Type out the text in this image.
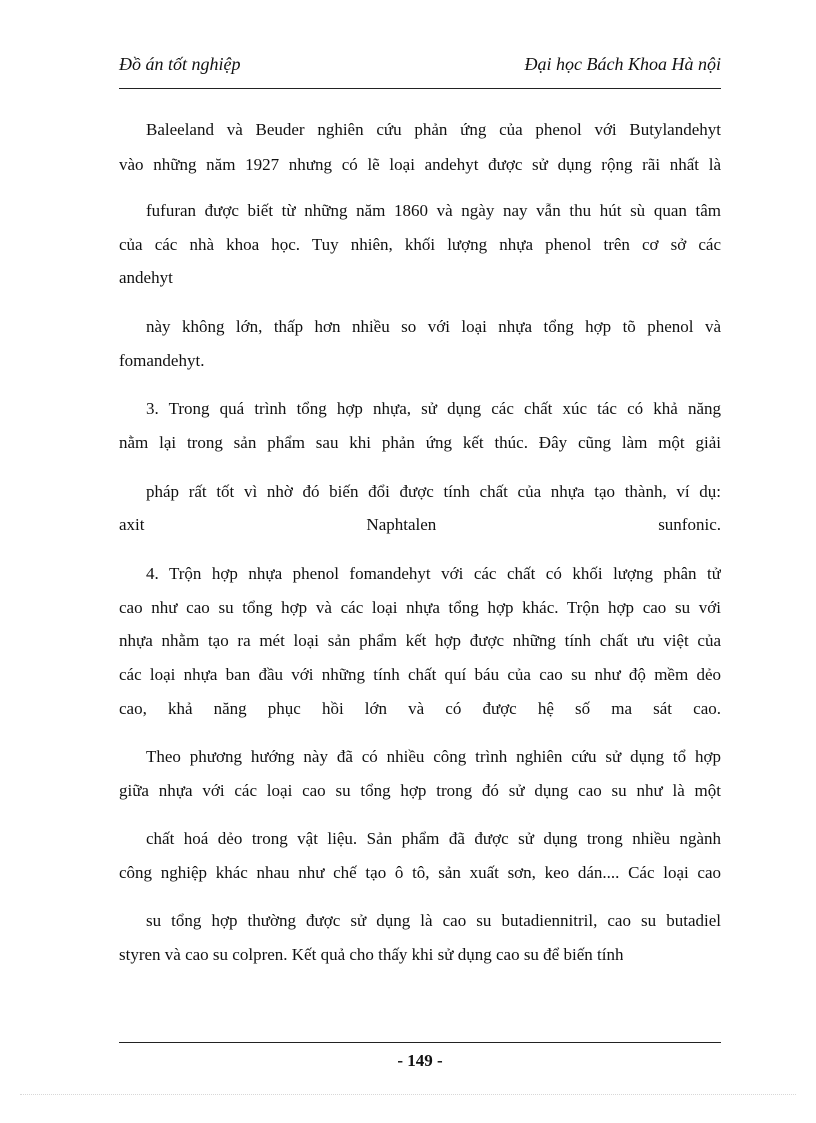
Đồ án tốt nghiệp	Đại học Bách Khoa Hà nội
Baleeland và Beuder nghiên cứu phản ứng của phenol với Butylandehyt
vào những năm 1927 nhưng có lẽ loại andehyt được sử dụng rộng rãi nhất là
fufuran được biết từ những năm 1860 và ngày nay vẫn thu hút sù quan tâm
của các nhà khoa học. Tuy nhiên, khối lượng nhựa phenol trên cơ sở các
andehyt
này không lớn, thấp hơn nhiều so với loại nhựa tổng hợp tõ phenol và
fomandehyt.
3. Trong quá trình tổng hợp nhựa, sử dụng các chất xúc tác có khả năng
nằm lại trong sản phẩm sau khi phản ứng kết thúc. Đây cũng làm một giải
pháp rất tốt vì nhờ đó biến đổi được tính chất của nhựa tạo thành, ví dụ:
axit Naphtalen sunfonic.
4. Trộn hợp nhựa phenol fomandehyt với các chất có khối lượng phân tử
cao như cao su tổng hợp và các loại nhựa tổng hợp khác. Trộn hợp cao su với
nhựa nhằm tạo ra mét loại sản phẩm kết hợp được những tính chất ưu việt của
các loại nhựa ban đầu với những tính chất quí báu của cao su như độ mềm dẻo
cao, khả năng phục hồi lớn và có được hệ số ma sát cao.
Theo phương hướng này đã có nhiều công trình nghiên cứu sử dụng tổ hợp
giữa nhựa với các loại cao su tổng hợp trong đó sử dụng cao su như là một
chất hoá dẻo trong vật liệu. Sản phẩm đã được sử dụng trong nhiều ngành
công nghiệp khác nhau như chế tạo ô tô, sản xuất sơn, keo dán.... Các loại cao
su tổng hợp thường được sử dụng là cao su butadiennitril, cao su butadiel
styren và cao su colpren. Kết quả cho thấy khi sử dụng cao su để biến tính
- 149 -
